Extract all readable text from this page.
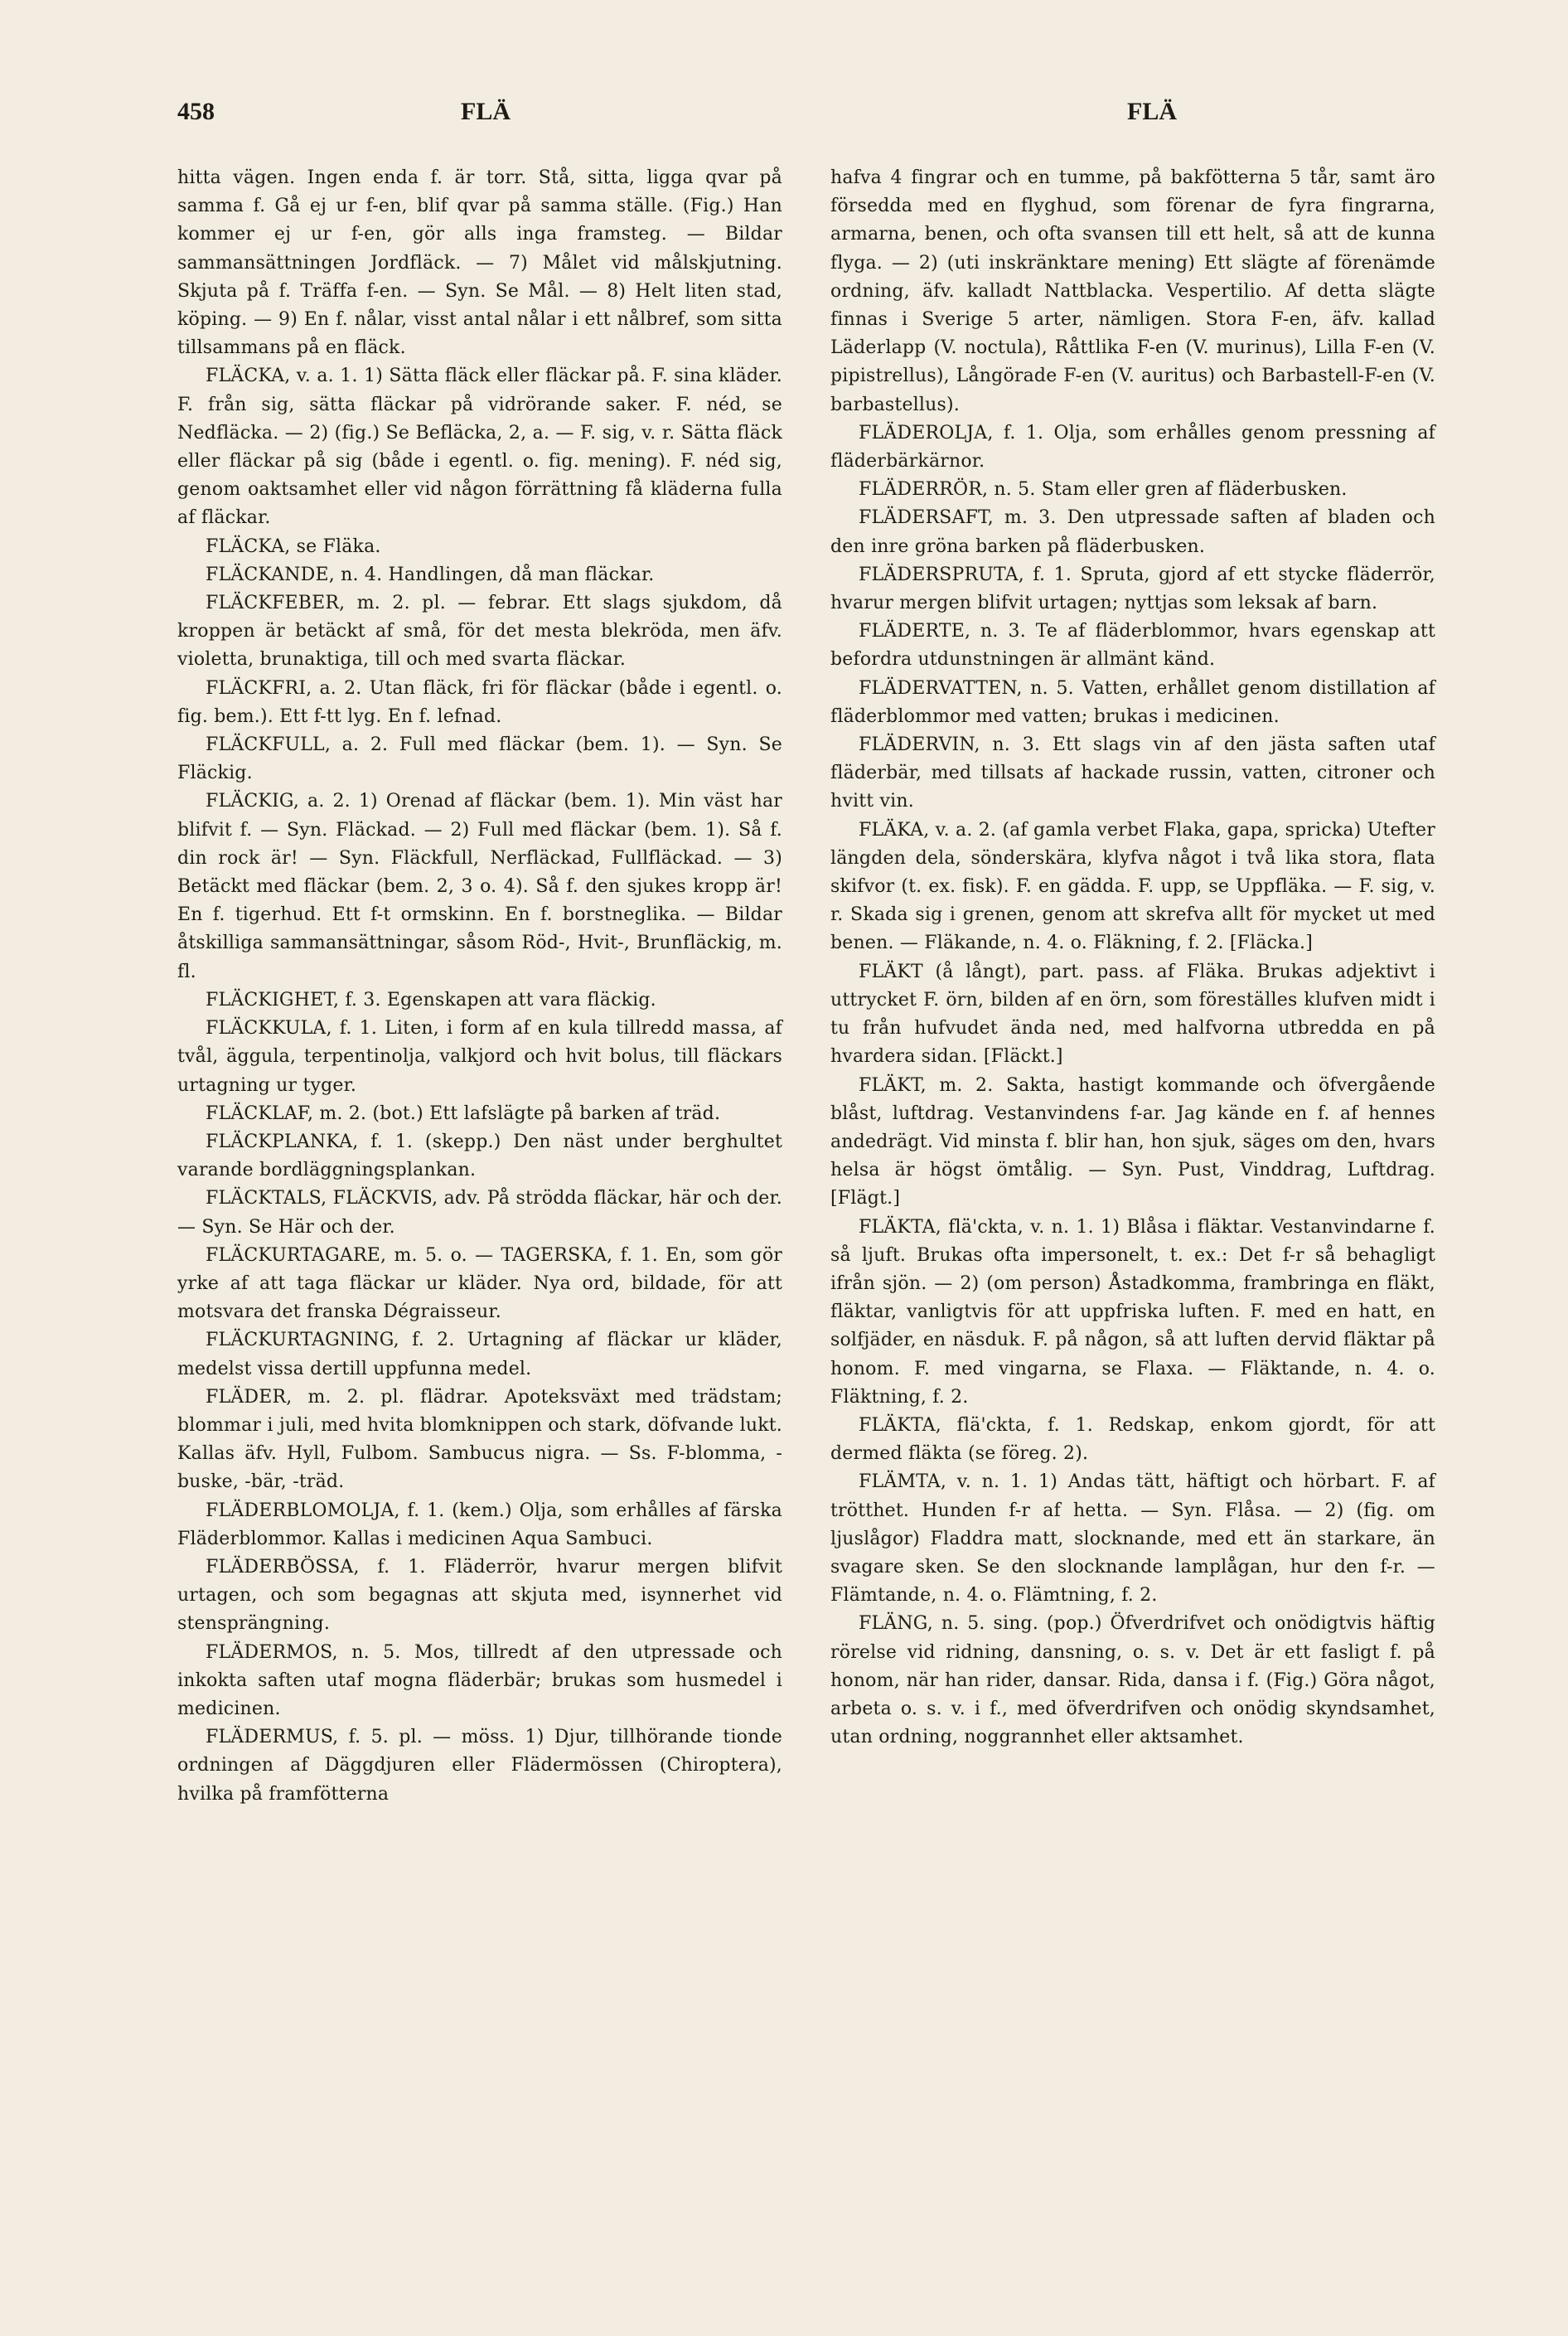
458	FLÄ	FLÄ

hitta vägen. Ingen enda f. är torr. Stå, sitta, ligga qvar på samma f. Gå ej ur f-en, blif qvar på samma ställe. (Fig.) Han kommer ej ur f-en, gör alls inga framsteg. — Bildar sammansättningen Jordfläck. — 7) Målet vid målskjutning. Skjuta på f. Träffa f-en. — Syn. Se Mål. — 8) Helt liten stad, köping. — 9) En f. nålar, visst antal nålar i ett nålbref, som sitta tillsammans på en fläck.

FLÄCKA, v. a. 1. 1) Sätta fläck eller fläckar på. F. sina kläder. F. från sig, sätta fläckar på vidrörande saker. F. néd, se Nedfläcka. — 2) (fig.) Se Befläcka, 2, a. — F. sig, v. r. Sätta fläck eller fläckar på sig (både i egentl. o. fig. mening). F. néd sig, genom oaktsamhet eller vid någon förrättning få kläderna fulla af fläckar.

FLÄCKA, se Fläka.

FLÄCKANDE, n. 4. Handlingen, då man fläckar.

FLÄCKFEBER, m. 2. pl. — febrar. Ett slags sjukdom, då kroppen är betäckt af små, för det mesta blekröda, men äfv. violetta, brunaktiga, till och med svarta fläckar.

FLÄCKFRI, a. 2. Utan fläck, fri för fläckar (både i egentl. o. fig. bem.). Ett f-tt lyg. En f. lefnad.

FLÄCKFULL, a. 2. Full med fläckar (bem. 1). — Syn. Se Fläckig.

FLÄCKIG, a. 2. 1) Orenad af fläckar (bem. 1). Min väst har blifvit f. — Syn. Fläckad. — 2) Full med fläckar (bem. 1). Så f. din rock är! — Syn. Fläckfull, Nerfläckad, Fullfläckad. — 3) Betäckt med fläckar (bem. 2, 3 o. 4). Så f. den sjukes kropp är! En f. tigerhud. Ett f-t ormskinn. En f. borstneglika. — Bildar åtskilliga sammansättningar, såsom Röd-, Hvit-, Brunfläckig, m. fl.

FLÄCKIGHET, f. 3. Egenskapen att vara fläckig.

FLÄCKKULA, f. 1. Liten, i form af en kula tillredd massa, af tvål, äggula, terpentinolja, valkjord och hvit bolus, till fläckars urtagning ur tyger.

FLÄCKLAF, m. 2. (bot.) Ett lafslägte på barken af träd.

FLÄCKPLANKA, f. 1. (skepp.) Den näst under berghultet varande bordläggningsplankan.

FLÄCKTALS, FLÄCKVIS, adv. På strödda fläckar, här och der. — Syn. Se Här och der.

FLÄCKURTAGARE, m. 5. o. — TAGERSKA, f. 1. En, som gör yrke af att taga fläckar ur kläder. Nya ord, bildade, för att motsvara det franska Dégraisseur.

FLÄCKURTAGNING, f. 2. Urtagning af fläckar ur kläder, medelst vissa dertill uppfunna medel.

FLÄDER, m. 2. pl. flädrar. Apoteksväxt med trädstam; blommar i juli, med hvita blomknippen och stark, döfvande lukt. Kallas äfv. Hyll, Fulbom. Sambucus nigra. — Ss. F-blomma, -buske, -bär, -träd.

FLÄDERBLOMOLJA, f. 1. (kem.) Olja, som erhålles af färska Fläderblommor. Kallas i medicinen Aqua Sambuci.

FLÄDERBÖSSA, f. 1. Fläderrör, hvarur mergen blifvit urtagen, och som begagnas att skjuta med, isynnerhet vid stensprängning.

FLÄDERMOS, n. 5. Mos, tillredt af den utpressade och inkokta saften utaf mogna fläderbär; brukas som husmedel i medicinen.

FLÄDERMUS, f. 5. pl. — möss. 1) Djur, tillhörande tionde ordningen af Däggdjuren eller Flädermössen (Chiroptera), hvilka på framfötterna

hafva 4 fingrar och en tumme, på bakfötterna 5 tår, samt äro försedda med en flyghud, som förenar de fyra fingrarna, armarna, benen, och ofta svansen till ett helt, så att de kunna flyga. — 2) (uti inskränktare mening) Ett slägte af förenämde ordning, äfv. kalladt Nattblacka. Vespertilio. Af detta slägte finnas i Sverige 5 arter, nämligen. Stora F-en, äfv. kallad Läderlapp (V. noctula), Råttlika F-en (V. murinus), Lilla F-en (V. pipistrellus), Långörade F-en (V. auritus) och Barbastell-F-en (V. barbastellus).

FLÄDEROLJA, f. 1. Olja, som erhålles genom pressning af fläderbärkärnor.

FLÄDERRÖR, n. 5. Stam eller gren af fläderbusken.

FLÄDERSAFT, m. 3. Den utpressade saften af bladen och den inre gröna barken på fläderbusken.

FLÄDERSPRUTA, f. 1. Spruta, gjord af ett stycke fläderrör, hvarur mergen blifvit urtagen; nyttjas som leksak af barn.

FLÄDERTE, n. 3. Te af fläderblommor, hvars egenskap att befordra utdunstningen är allmänt känd.

FLÄDERVATTEN, n. 5. Vatten, erhållet genom distillation af fläderblommor med vatten; brukas i medicinen.

FLÄDERVIN, n. 3. Ett slags vin af den jästa saften utaf fläderbär, med tillsats af hackade russin, vatten, citroner och hvitt vin.

FLÄKA, v. a. 2. (af gamla verbet Flaka, gapa, spricka) Utefter längden dela, sönderskära, klyfva något i två lika stora, flata skifvor (t. ex. fisk). F. en gädda. F. upp, se Uppfläka. — F. sig, v. r. Skada sig i grenen, genom att skrefva allt för mycket ut med benen. — Fläkande, n. 4. o. Fläkning, f. 2. [Fläcka.]

FLÄKT (å långt), part. pass. af Fläka. Brukas adjektivt i uttrycket F. örn, bilden af en örn, som föreställes klufven midt i tu från hufvudet ända ned, med halfvorna utbredda en på hvardera sidan. [Fläckt.]

FLÄKT, m. 2. Sakta, hastigt kommande och öfvergående blåst, luftdrag. Vestanvindens f-ar. Jag kände en f. af hennes andedrägt. Vid minsta f. blir han, hon sjuk, säges om den, hvars helsa är högst ömtålig. — Syn. Pust, Vinddrag, Luftdrag. [Flägt.]

FLÄKTA, flä'ckta, v. n. 1. 1) Blåsa i fläktar. Vestanvindarne f. så ljuft. Brukas ofta impersonelt, t. ex.: Det f-r så behagligt ifrån sjön. — 2) (om person) Åstadkomma, frambringa en fläkt, fläktar, vanligtvis för att uppfriska luften. F. med en hatt, en solfjäder, en näsduk. F. på någon, så att luften dervid fläktar på honom. F. med vingarna, se Flaxa. — Fläktande, n. 4. o. Fläktning, f. 2.

FLÄKTA, flä'ckta, f. 1. Redskap, enkom gjordt, för att dermed fläkta (se föreg. 2).

FLÄMTA, v. n. 1. 1) Andas tätt, häftigt och hörbart. F. af trötthet. Hunden f-r af hetta. — Syn. Flåsa. — 2) (fig. om ljuslågor) Fladdra matt, slocknande, med ett än starkare, än svagare sken. Se den slocknande lamplågan, hur den f-r. — Flämtande, n. 4. o. Flämtning, f. 2.

FLÄNG, n. 5. sing. (pop.) Öfverdrifvet och onödigtvis häftig rörelse vid ridning, dansning, o. s. v. Det är ett fasligt f. på honom, när han rider, dansar. Rida, dansa i f. (Fig.) Göra något, arbeta o. s. v. i f., med öfverdrifven och onödig skyndsamhet, utan ordning, noggrannhet eller aktsamhet.
